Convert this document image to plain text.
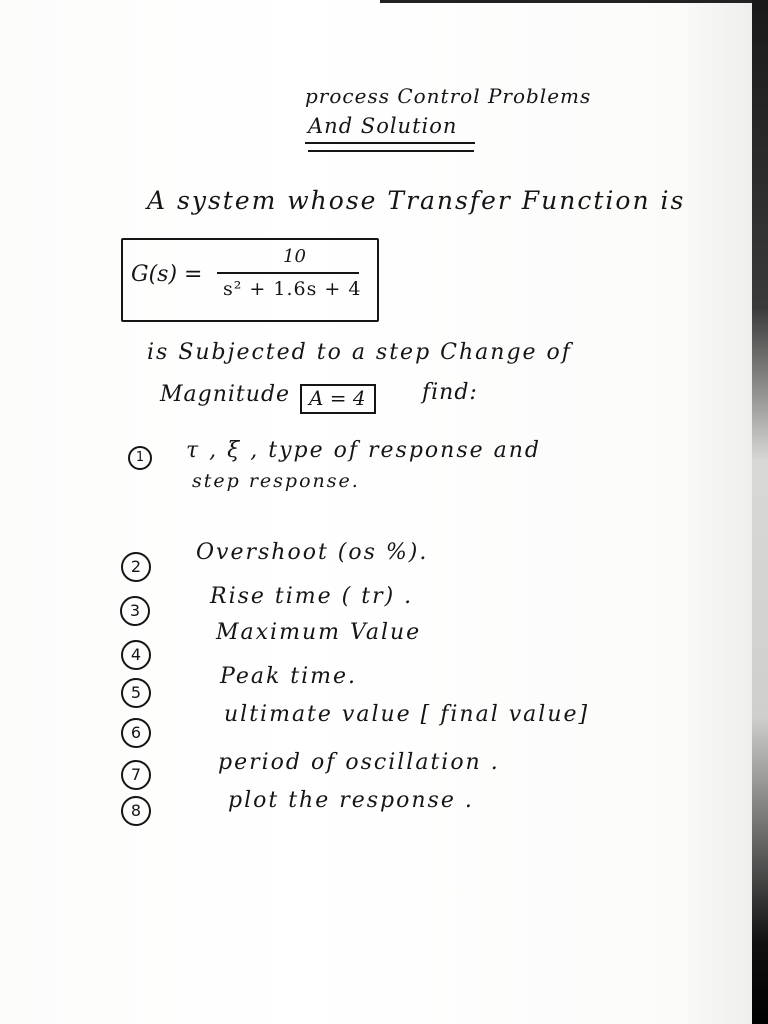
process Control Problems
And Solution
A system whose Transfer Function is
G(s) =
10
s² + 1.6s + 4
is Subjected to a step Change of
Magnitude A = 4	find:
1	τ , ξ , type of response and
step response.
2
Overshoot (os %).
3
Rise time ( tr) .
4
Maximum Value
5
Peak time.
6
ultimate value [ final value]
7	period of oscillation .
8	plot the response .
